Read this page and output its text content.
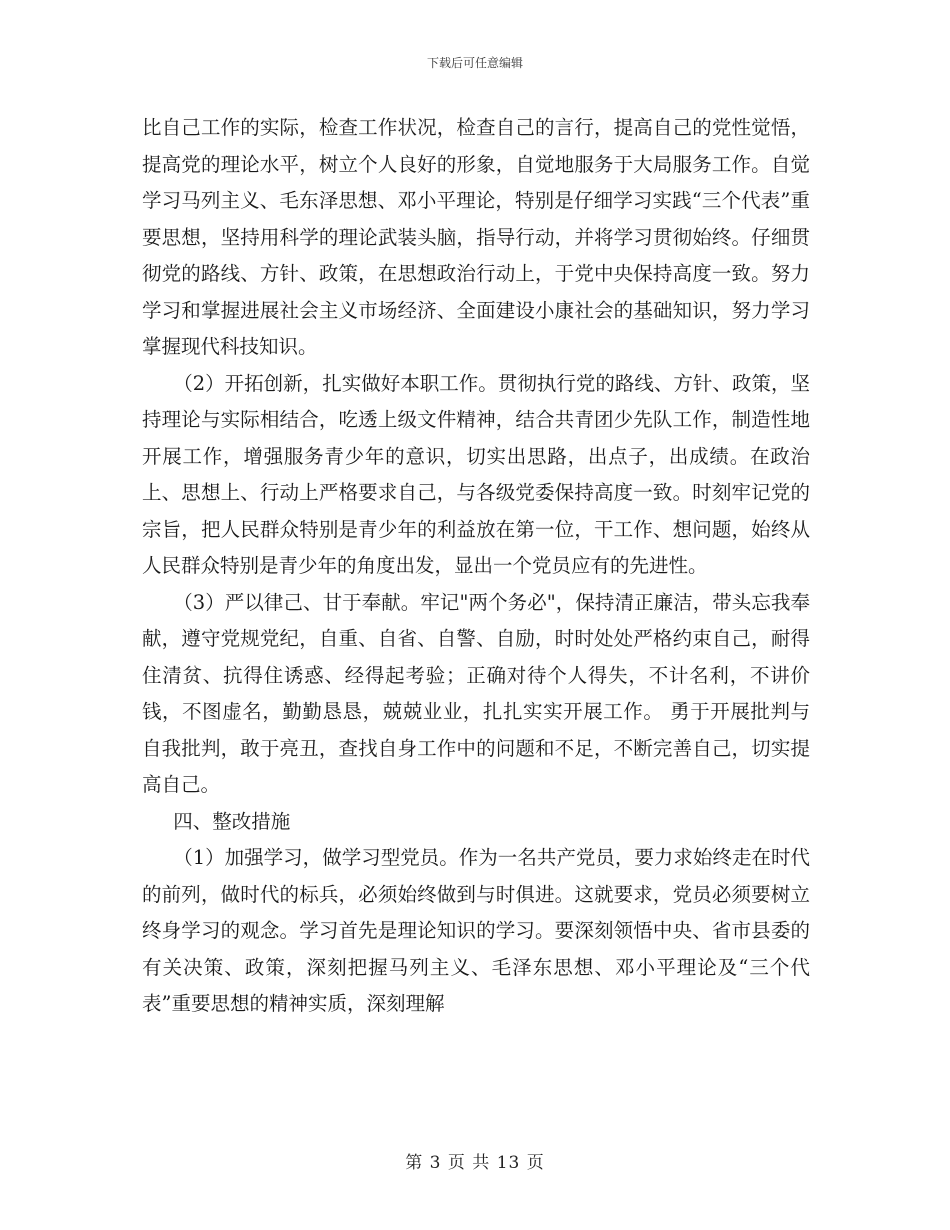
下载后可任意编辑

比自己工作的实际，检查工作状况，检查自己的言行，提高自己的党性觉悟，提高党的理论水平，树立个人良好的形象，自觉地服务于大局服务工作。自觉学习马列主义、毛东泽思想、邓小平理论，特别是仔细学习实践“三个代表”重要思想，坚持用科学的理论武装头脑，指导行动，并将学习贯彻始终。仔细贯彻党的路线、方针、政策，在思想政治行动上，于党中央保持高度一致。努力学习和掌握进展社会主义市场经济、全面建设小康社会的基础知识，努力学习掌握现代科技知识。

（2）开拓创新，扎实做好本职工作。贯彻执行党的路线、方针、政策，坚持理论与实际相结合，吃透上级文件精神，结合共青团少先队工作，制造性地开展工作，增强服务青少年的意识，切实出思路，出点子，出成绩。在政治上、思想上、行动上严格要求自己，与各级党委保持高度一致。时刻牢记党的宗旨，把人民群众特别是青少年的利益放在第一位，干工作、想问题，始终从人民群众特别是青少年的角度出发，显出一个党员应有的先进性。

（3）严以律己、甘于奉献。牢记"两个务必"，保持清正廉洁，带头忘我奉献，遵守党规党纪，自重、自省、自警、自励，时时处处严格约束自己，耐得住清贫、抗得住诱惑、经得起考验；正确对待个人得失，不计名利，不讲价钱，不图虚名，勤勤恳恳，兢兢业业，扎扎实实开展工作。 勇于开展批判与自我批判，敢于亮丑，查找自身工作中的问题和不足，不断完善自己，切实提高自己。

四、整改措施

（1）加强学习，做学习型党员。作为一名共产党员，要力求始终走在时代的前列，做时代的标兵，必须始终做到与时俱进。这就要求，党员必须要树立终身学习的观念。学习首先是理论知识的学习。要深刻领悟中央、省市县委的有关决策、政策，深刻把握马列主义、毛泽东思想、邓小平理论及“三个代表”重要思想的精神实质，深刻理解

第 3 页 共 13 页
